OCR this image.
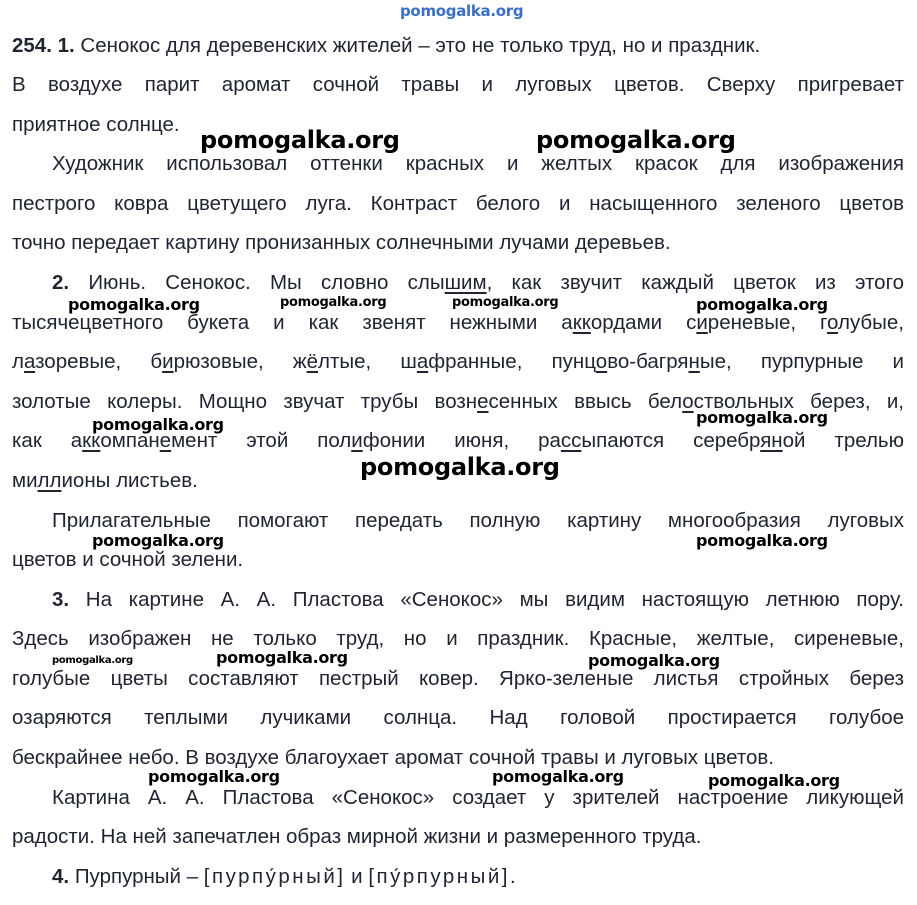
pomogalka.org
254. 1. Сенокос для деревенских жителей – это не только труд, но и праздник.
В воздухе парит аромат сочной травы и луговых цветов. Сверху пригревает
приятное солнце.
Художник использовал оттенки красных и желтых красок для изображения
пестрого ковра цветущего луга. Контраст белого и насыщенного зеленого цветов
точно передает картину пронизанных солнечными лучами деревьев.
2. Июнь. Сенокос. Мы словно слышим, как звучит каждый цветок из этого
тысячецветного букета и как звенят нежными аккордами сиреневые, голубые,
лазоревые, бирюзовые, жёлтые, шафранные, пунцово-багряные, пурпурные и
золотые колеры. Мощно звучат трубы вознесенных ввысь белоствольных берез, и,
как аккомпанемент этой полифонии июня, рассыпаются серебряной трелью
миллионы листьев.
Прилагательные помогают передать полную картину многообразия луговых
цветов и сочной зелени.
3. На картине А. А. Пластова «Сенокос» мы видим настоящую летнюю пору.
Здесь изображен не только труд, но и праздник. Красные, желтые, сиреневые,
голубые цветы составляют пестрый ковер. Ярко-зеленые листья стройных берез
озаряются теплыми лучиками солнца. Над головой простирается голубое
бескрайнее небо. В воздухе благоухает аромат сочной травы и луговых цветов.
Картина А. А. Пластова «Сенокос» создает у зрителей настроение ликующей
радости. На ней запечатлен образ мирной жизни и размеренного труда.
4. Пурпурный – [пурпу́рный] и [пу́рпурный].
pomogalka.org	pomogalka.org
pomogalka.org	pomogalka.org	pomogalka.org	pomogalka.org
pomogalka.org
pomogalka.org
pomogalka.org
pomogalka.org	pomogalka.org
pomogalka.org	pomogalka.org	pomogalka.org
pomogalka.org	pomogalka.org	pomogalka.org
